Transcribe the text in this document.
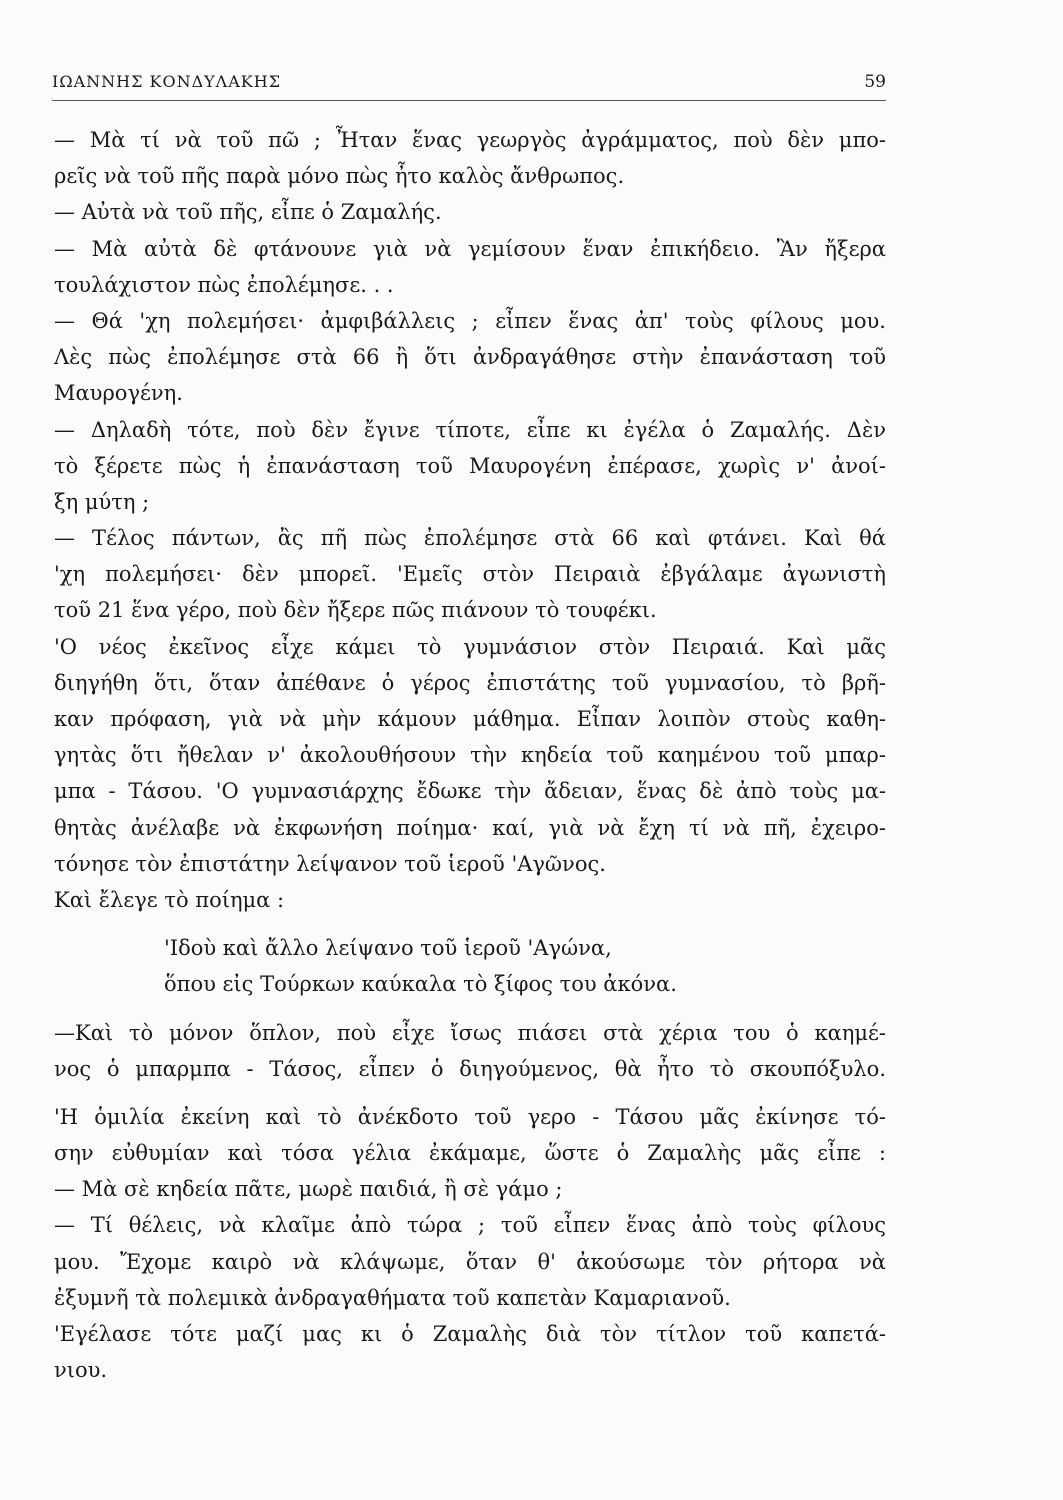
ΙΩΑΝΝΗΣ ΚΟΝΔΥΛΑΚΗΣ	59
— Μὰ τί νὰ τοῦ πῶ ; Ἦταν ἕνας γεωργὸς ἀγράμματος, ποὺ δὲν μπο-
ρεῖς νὰ τοῦ πῆς παρὰ μόνο πὼς ἦτο καλὸς ἄνθρωπος.
— Αὐτὰ νὰ τοῦ πῆς, εἶπε ὁ Ζαμαλής.
— Μὰ αὐτὰ δὲ φτάνουνε γιὰ νὰ γεμίσουν ἕναν ἐπικήδειο. Ἂν ἤξερα
τουλάχιστον πὼς ἐπολέμησε. . .
— Θά 'χη πολεμήσει· ἀμφιβάλλεις ; εἶπεν ἕνας ἀπ' τοὺς φίλους μου.
Λὲς πὼς ἐπολέμησε στὰ 66 ἢ ὅτι ἀνδραγάθησε στὴν ἐπανάσταση τοῦ
Μαυρογένη.
— Δηλαδὴ τότε, ποὺ δὲν ἔγινε τίποτε, εἶπε κι ἐγέλα ὁ Ζαμαλής. Δὲν
τὸ ξέρετε πὼς ἡ ἐπανάσταση τοῦ Μαυρογένη ἐπέρασε, χωρὶς ν' ἀνοί-
ξη μύτη ;
— Τέλος πάντων, ἂς πῆ πὼς ἐπολέμησε στὰ 66 καὶ φτάνει. Καὶ θά
'χη πολεμήσει· δὲν μπορεῖ. 'Εμεῖς στὸν Πειραιὰ ἐβγάλαμε ἀγωνιστὴ
τοῦ 21 ἕνα γέρο, ποὺ δὲν ἤξερε πῶς πιάνουν τὸ τουφέκι.
'Ο νέος ἐκεῖνος εἶχε κάμει τὸ γυμνάσιον στὸν Πειραιά. Καὶ μᾶς
διηγήθη ὅτι, ὅταν ἀπέθανε ὁ γέρος ἐπιστάτης τοῦ γυμνασίου, τὸ βρῆ-
καν πρόφαση, γιὰ νὰ μὴν κάμουν μάθημα. Εἶπαν λοιπὸν στοὺς καθη-
γητὰς ὅτι ἤθελαν ν' ἀκολουθήσουν τὴν κηδεία τοῦ καημένου τοῦ μπαρ-
μπα - Τάσου. 'Ο γυμνασιάρχης ἔδωκε τὴν ἄδειαν, ἕνας δὲ ἀπὸ τοὺς μα-
θητὰς ἀνέλαβε νὰ ἐκφωνήση ποίημα· καί, γιὰ νὰ ἔχη τί νὰ πῆ, ἐχειρο-
τόνησε τὸν ἐπιστάτην λείψανον τοῦ ἱεροῦ 'Αγῶνος.
Καὶ ἔλεγε τὸ ποίημα :
'Ιδοὺ καὶ ἄλλο λείψανο τοῦ ἱεροῦ 'Αγώνα,
ὅπου εἰς Τούρκων καύκαλα τὸ ξίφος του ἀκόνα.
—Καὶ τὸ μόνον ὅπλον, ποὺ εἶχε ἴσως πιάσει στὰ χέρια του ὁ καημέ-
νος ὁ μπαρμπα - Τάσος, εἶπεν ὁ διηγούμενος, θὰ ἦτο τὸ σκουπόξυλο.
'Η ὁμιλία ἐκείνη καὶ τὸ ἀνέκδοτο τοῦ γερο - Τάσου μᾶς ἐκίνησε τό-
σην εὐθυμίαν καὶ τόσα γέλια ἐκάμαμε, ὥστε ὁ Ζαμαλὴς μᾶς εἶπε :
— Μὰ σὲ κηδεία πᾶτε, μωρὲ παιδιά, ἢ σὲ γάμο ;
— Τί θέλεις, νὰ κλαῖμε ἀπὸ τώρα ; τοῦ εἶπεν ἕνας ἀπὸ τοὺς φίλους
μου. Ἔχομε καιρὸ νὰ κλάψωμε, ὅταν θ' ἀκούσωμε τὸν ρήτορα νὰ
ἐξυμνῆ τὰ πολεμικὰ ἀνδραγαθήματα τοῦ καπετὰν Καμαριανοῦ.
'Εγέλασε τότε μαζί μας κι ὁ Ζαμαλὴς διὰ τὸν τίτλον τοῦ καπετά-
νιου.
